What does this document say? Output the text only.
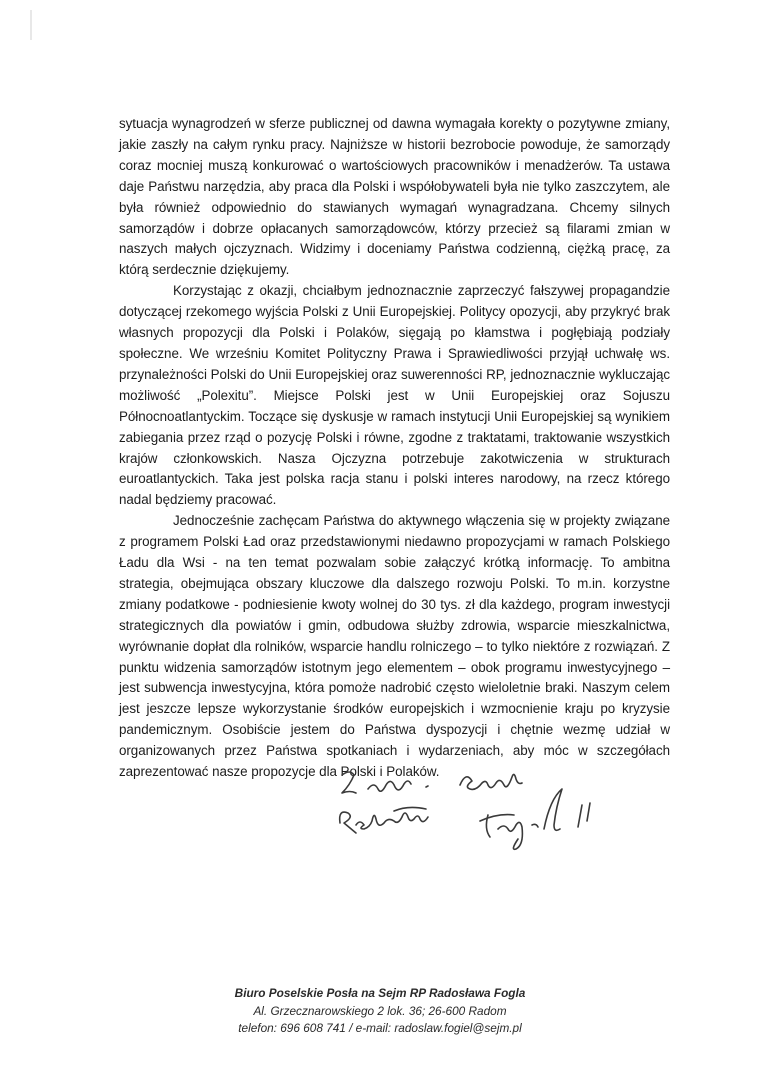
sytuacja wynagrodzeń w sferze publicznej od dawna wymagała korekty o pozytywne zmiany, jakie zaszły na całym rynku pracy. Najniższe w historii bezrobocie powoduje, że samorządy coraz mocniej muszą konkurować o wartościowych pracowników i menadżerów. Ta ustawa daje Państwu narzędzia, aby praca dla Polski i współobywateli była nie tylko zaszczytem, ale była również odpowiednio do stawianych wymagań wynagradzana. Chcemy silnych samorządów i dobrze opłacanych samorządowców, którzy przecież są filarami zmian w naszych małych ojczyznach. Widzimy i doceniamy Państwa codzienną, ciężką pracę, za którą serdecznie dziękujemy.

Korzystając z okazji, chciałbym jednoznacznie zaprzeczyć fałszywej propagandzie dotyczącej rzekomego wyjścia Polski z Unii Europejskiej. Politycy opozycji, aby przykryć brak własnych propozycji dla Polski i Polaków, sięgają po kłamstwa i pogłębiają podziały społeczne. We wrześniu Komitet Polityczny Prawa i Sprawiedliwości przyjął uchwałę ws. przynależności Polski do Unii Europejskiej oraz suwerenności RP, jednoznacznie wykluczając możliwość „Polexitu”. Miejsce Polski jest w Unii Europejskiej oraz Sojuszu Północnoatlantyckim. Toczące się dyskusje w ramach instytucji Unii Europejskiej są wynikiem zabiegania przez rząd o pozycję Polski i równe, zgodne z traktatami, traktowanie wszystkich krajów członkowskich. Nasza Ojczyzna potrzebuje zakotwiczenia w strukturach euroatlantyckich. Taka jest polska racja stanu i polski interes narodowy, na rzecz którego nadal będziemy pracować.

Jednocześnie zachęcam Państwa do aktywnego włączenia się w projekty związane z programem Polski Ład oraz przedstawionymi niedawno propozycjami w ramach Polskiego Ładu dla Wsi - na ten temat pozwalam sobie załączyć krótką informację. To ambitna strategia, obejmująca obszary kluczowe dla dalszego rozwoju Polski. To m.in. korzystne zmiany podatkowe - podniesienie kwoty wolnej do 30 tys. zł dla każdego, program inwestycji strategicznych dla powiatów i gmin, odbudowa służby zdrowia, wsparcie mieszkalnictwa, wyrównanie dopłat dla rolników, wsparcie handlu rolniczego – to tylko niektóre z rozwiązań. Z punktu widzenia samorządów istotnym jego elementem – obok programu inwestycyjnego – jest subwencja inwestycyjna, która pomoże nadrobić często wieloletnie braki. Naszym celem jest jeszcze lepsze wykorzystanie środków europejskich i wzmocnienie kraju po kryzysie pandemicznym. Osobiście jestem do Państwa dyspozycji i chętnie wezmę udział w organizowanych przez Państwa spotkaniach i wydarzeniach, aby móc w szczegółach zaprezentować nasze propozycje dla Polski i Polaków.

Biuro Poselskie Posła na Sejm RP Radosława Fogla
Al. Grzecznarowskiego 2 lok. 36; 26-600 Radom
telefon: 696 608 741 / e-mail: radoslaw.fogiel@sejm.pl
